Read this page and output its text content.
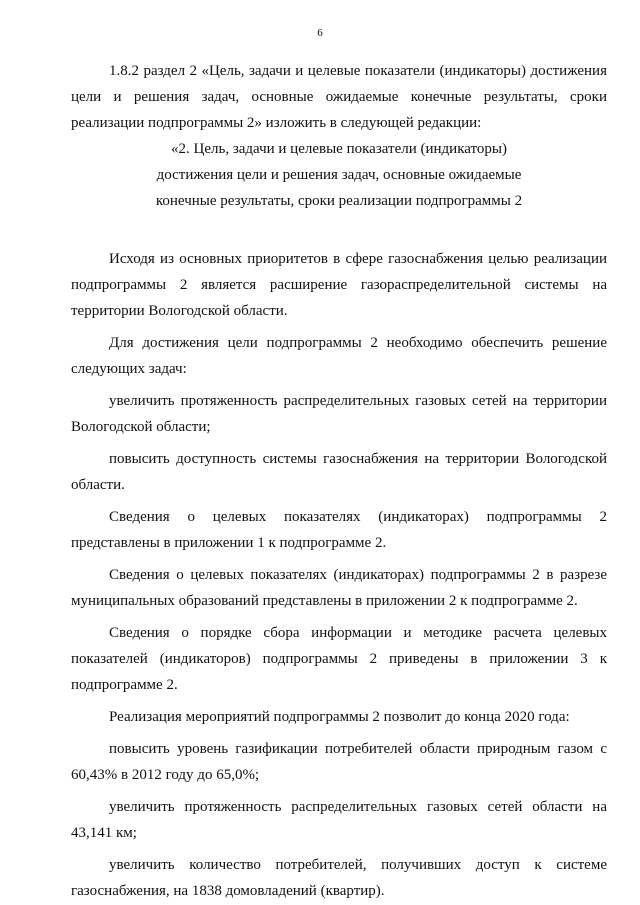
6

1.8.2 раздел 2 «Цель, задачи и целевые показатели (индикаторы) достижения цели и решения задач, основные ожидаемые конечные результаты, сроки реализации подпрограммы 2» изложить в следующей редакции:

«2. Цель, задачи и целевые показатели (индикаторы)
достижения цели и решения задач, основные ожидаемые
конечные результаты, сроки реализации подпрограммы 2

Исходя из основных приоритетов в сфере газоснабжения целью реализации подпрограммы 2 является расширение газораспределительной системы на территории Вологодской области.

Для достижения цели подпрограммы 2 необходимо обеспечить решение следующих задач:

увеличить протяженность распределительных газовых сетей на территории Вологодской области;

повысить доступность системы газоснабжения на территории Вологодской области.

Сведения о целевых показателях (индикаторах) подпрограммы 2 представлены в приложении 1 к подпрограмме 2.

Сведения о целевых показателях (индикаторах) подпрограммы 2 в разрезе муниципальных образований представлены в приложении 2 к подпрограмме 2.

Сведения о порядке сбора информации и методике расчета целевых показателей (индикаторов) подпрограммы 2 приведены в приложении 3 к подпрограмме 2.

Реализация мероприятий подпрограммы 2 позволит до конца 2020 года:

повысить уровень газификации потребителей области природным газом с 60,43% в 2012 году до 65,0%;

увеличить протяженность распределительных газовых сетей области на 43,141 км;

увеличить количество потребителей, получивших доступ к системе газоснабжения, на 1838 домовладений (квартир).
